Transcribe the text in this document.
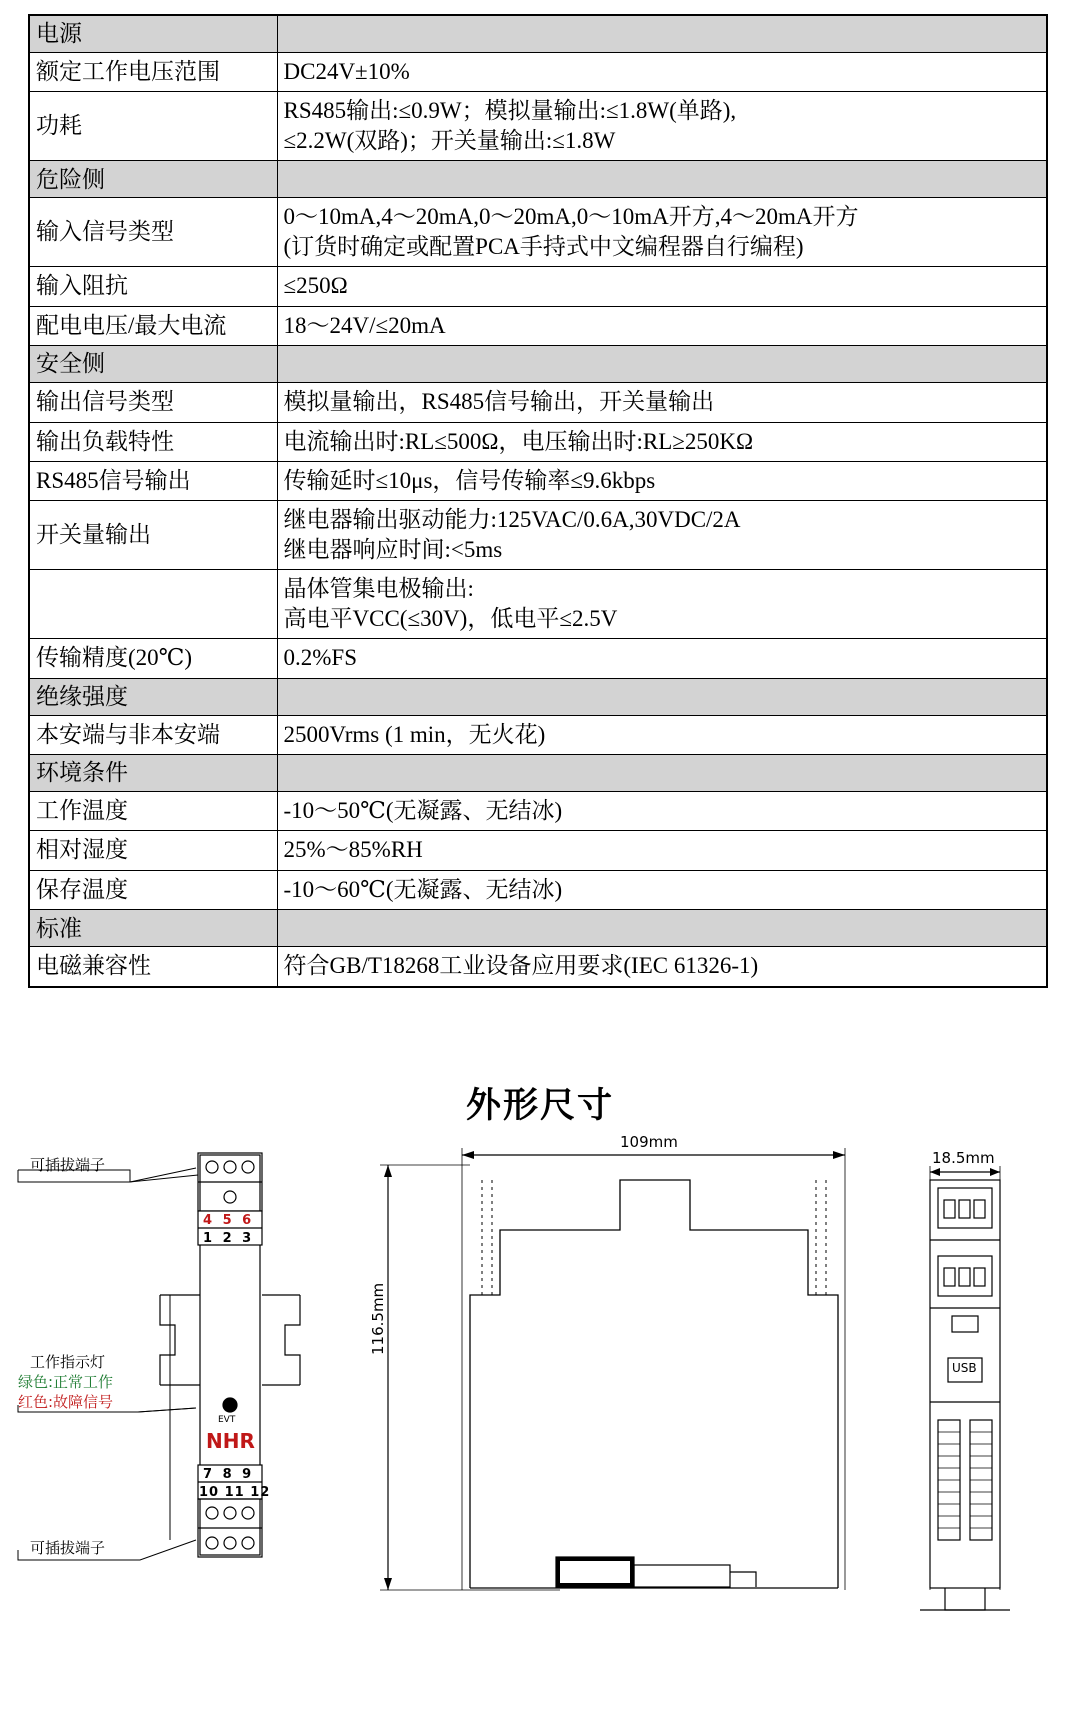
电源	
额定工作电压范围	DC24V±10%
功耗	RS485输出:≤0.9W；模拟量输出:≤1.8W(单路),
≤2.2W(双路)；开关量输出:≤1.8W

危险侧	
输入信号类型	0～10mA,4～20mA,0～20mA,0～10mA开方,4～20mA开方
(订货时确定或配置PCA手持式中文编程器自行编程)

输入阻抗	≤250Ω
配电电压/最大电流	18～24V/≤20mA
安全侧	
输出信号类型	模拟量输出，RS485信号输出，开关量输出
输出负载特性	电流输出时:RL≤500Ω，电压输出时:RL≥250KΩ
RS485信号输出	传输延时≤10μs，信号传输率≤9.6kbps
开关量输出	继电器输出驱动能力:125VAC/0.6A,30VDC/2A
继电器响应时间:<5ms

	晶体管集电极输出:
高电平VCC(≤30V)，低电平≤2.5V

传输精度(20℃)	0.2%FS
绝缘强度	
本安端与非本安端	2500Vrms (1 min，无火花)
环境条件	
工作温度	-10～50℃(无凝露、无结冰)
相对湿度	25%～85%RH
保存温度	-10～60℃(无凝露、无结冰)
标准	
电磁兼容性	符合GB/T18268工业设备应用要求(IEC 61326-1)
外形尺寸
可插拔端子
可插拔端子
工作指示灯
绿色:正常工作
红色:故障信号
4 5 6
1 2 3
7 8 9
10 11 12
EVT
NHR
USB
109mm
116.5mm
18.5mm
